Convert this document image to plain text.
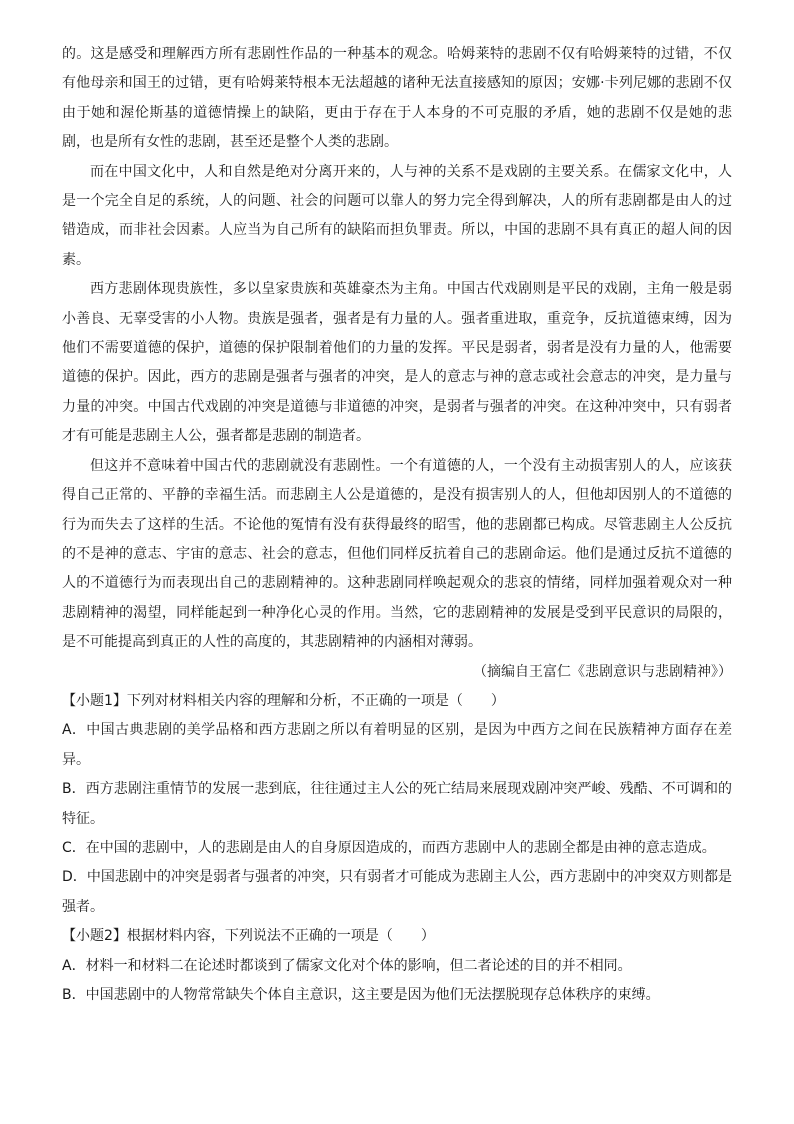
的。这是感受和理解西方所有悲剧性作品的一种基本的观念。哈姆莱特的悲剧不仅有哈姆莱特的过错，不仅有他母亲和国王的过错，更有哈姆莱特根本无法超越的诸种无法直接感知的原因；安娜·卡列尼娜的悲剧不仅由于她和渥伦斯基的道德情操上的缺陷，更由于存在于人本身的不可克服的矛盾，她的悲剧不仅是她的悲剧，也是所有女性的悲剧，甚至还是整个人类的悲剧。

而在中国文化中，人和自然是绝对分离开来的，人与神的关系不是戏剧的主要关系。在儒家文化中，人是一个完全自足的系统，人的问题、社会的问题可以靠人的努力完全得到解决，人的所有悲剧都是由人的过错造成，而非社会因素。人应当为自己所有的缺陷而担负罪责。所以，中国的悲剧不具有真正的超人间的因素。

西方悲剧体现贵族性，多以皇家贵族和英雄豪杰为主角。中国古代戏剧则是平民的戏剧，主角一般是弱小善良、无辜受害的小人物。贵族是强者，强者是有力量的人。强者重进取，重竞争，反抗道德束缚，因为他们不需要道德的保护，道德的保护限制着他们的力量的发挥。平民是弱者，弱者是没有力量的人，他需要道德的保护。因此，西方的悲剧是强者与强者的冲突，是人的意志与神的意志或社会意志的冲突，是力量与力量的冲突。中国古代戏剧的冲突是道德与非道德的冲突，是弱者与强者的冲突。在这种冲突中，只有弱者才有可能是悲剧主人公，强者都是悲剧的制造者。

但这并不意味着中国古代的悲剧就没有悲剧性。一个有道德的人，一个没有主动损害别人的人，应该获得自己正常的、平静的幸福生活。而悲剧主人公是道德的，是没有损害别人的人，但他却因别人的不道德的行为而失去了这样的生活。不论他的冤情有没有获得最终的昭雪，他的悲剧都已构成。尽管悲剧主人公反抗的不是神的意志、宇宙的意志、社会的意志，但他们同样反抗着自己的悲剧命运。他们是通过反抗不道德的人的不道德行为而表现出自己的悲剧精神的。这种悲剧同样唤起观众的悲哀的情绪，同样加强着观众对一种悲剧精神的渴望，同样能起到一种净化心灵的作用。当然，它的悲剧精神的发展是受到平民意识的局限的，是不可能提高到真正的人性的高度的，其悲剧精神的内涵相对薄弱。

（摘编自王富仁《悲剧意识与悲剧精神》）

【小题1】下列对材料相关内容的理解和分析，不正确的一项是（　　）

A．中国古典悲剧的美学品格和西方悲剧之所以有着明显的区别，是因为中西方之间在民族精神方面存在差异。

B．西方悲剧注重情节的发展一悲到底，往往通过主人公的死亡结局来展现戏剧冲突严峻、残酷、不可调和的特征。

C．在中国的悲剧中，人的悲剧是由人的自身原因造成的，而西方悲剧中人的悲剧全都是由神的意志造成。

D．中国悲剧中的冲突是弱者与强者的冲突，只有弱者才可能成为悲剧主人公，西方悲剧中的冲突双方则都是强者。

【小题2】根据材料内容，下列说法不正确的一项是（　　）

A．材料一和材料二在论述时都谈到了儒家文化对个体的影响，但二者论述的目的并不相同。

B．中国悲剧中的人物常常缺失个体自主意识，这主要是因为他们无法摆脱现存总体秩序的束缚。
